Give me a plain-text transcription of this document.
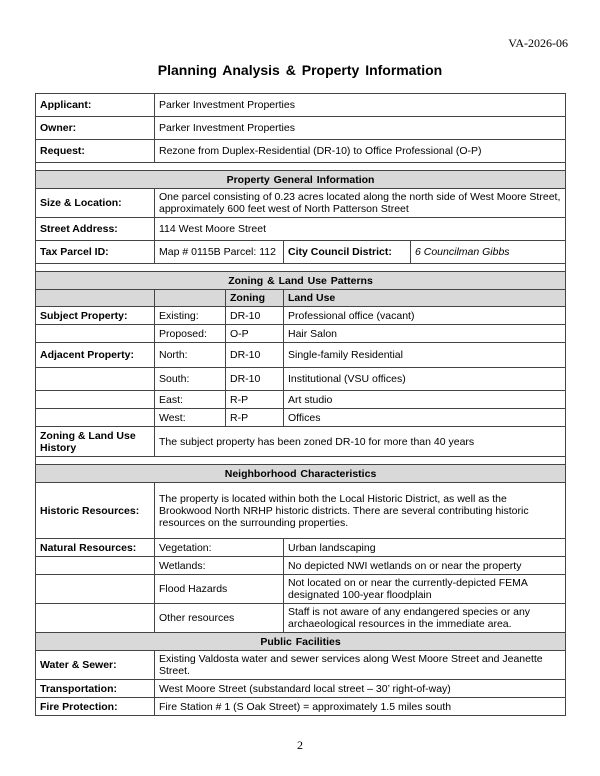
VA-2026-06
Planning Analysis & Property Information
Applicant:	Parker Investment Properties			
Owner:	Parker Investment Properties			
Request:	Rezone from Duplex-Residential (DR-10) to Office Professional (O-P)			

Property General Information				
Size & Location:	One parcel consisting of 0.23 acres located along the north side of West Moore Street, approximately 600 feet west of North Patterson Street			
Street Address:	114 West Moore Street			
Tax Parcel ID:	Map # 0115B Parcel: 112		City Council District:	6 Councilman Gibbs

Zoning & Land Use Patterns				
		Zoning	Land Use	
Subject Property:	Existing:	DR-10	Professional office (vacant)	
	Proposed:	O-P	Hair Salon	
Adjacent Property:	North:	DR-10	Single-family Residential	
	South:	DR-10	Institutional (VSU offices)	
	East:	R-P	Art studio	
	West:	R-P	Offices	
Zoning & Land Use History	The subject property has been zoned DR-10 for more than 40 years			

Neighborhood Characteristics				
Historic Resources:	The property is located within both the Local Historic District, as well as the Brookwood North NRHP historic districts. There are several contributing historic resources on the surrounding properties.			
Natural Resources:	Vegetation:		Urban landscaping	
	Wetlands:		No depicted NWI wetlands on or near the property	
	Flood Hazards		Not located on or near the currently-depicted FEMA designated 100-year floodplain	
	Other resources		Staff is not aware of any endangered species or any archaeological resources in the immediate area.	
Public Facilities				
Water & Sewer:	Existing Valdosta water and sewer services along West Moore Street and Jeanette Street.			
Transportation:	West Moore Street (substandard local street – 30’ right-of-way)			
Fire Protection:	Fire Station # 1 (S Oak Street) = approximately 1.5 miles south			
2
